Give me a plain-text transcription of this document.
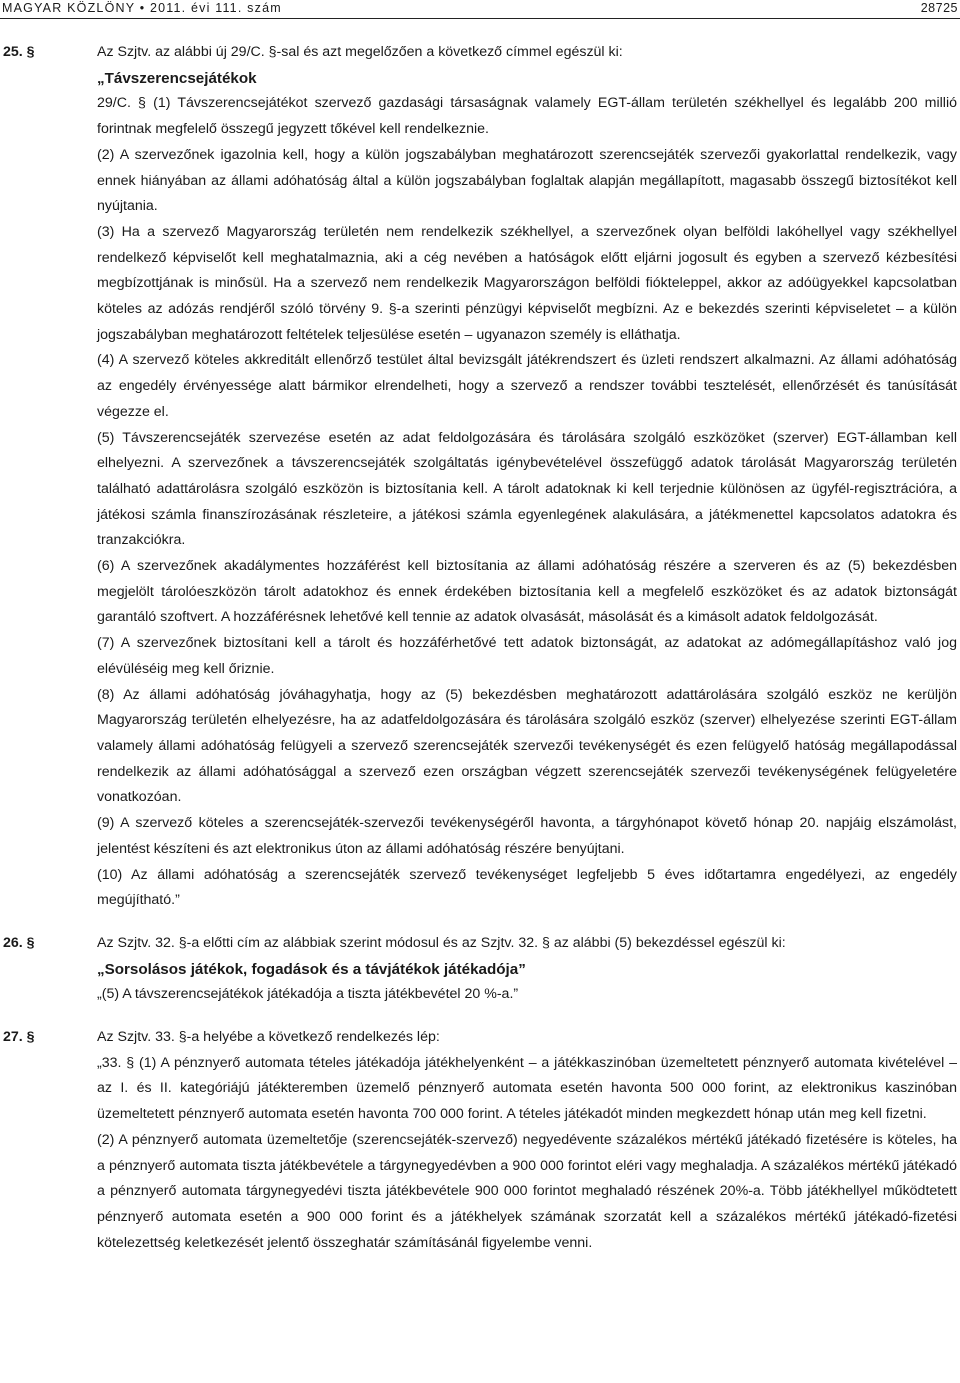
MAGYAR KÖZLÖNY • 2011. évi 111. szám	28725
25. §	Az Szjtv. az alábbi új 29/C. §-sal és azt megelőzően a következő címmel egészül ki:

„Távszerencsejátékok

29/C. § (1) Távszerencsejátékot szervező gazdasági társaságnak valamely EGT-állam területén székhellyel és legalább 200 millió forintnak megfelelő összegű jegyzett tőkével kell rendelkeznie.

(2) A szervezőnek igazolnia kell, hogy a külön jogszabályban meghatározott szerencsejáték szervezői gyakorlattal rendelkezik, vagy ennek hiányában az állami adóhatóság által a külön jogszabályban foglaltak alapján megállapított, magasabb összegű biztosítékot kell nyújtania.

(3) Ha a szervező Magyarország területén nem rendelkezik székhellyel, a szervezőnek olyan belföldi lakóhellyel vagy székhellyel rendelkező képviselőt kell meghatalmaznia, aki a cég nevében a hatóságok előtt eljárni jogosult és egyben a szervező kézbesítési megbízottjának is minősül. Ha a szervező nem rendelkezik Magyarországon belföldi fiókteleppel, akkor az adóügyekkel kapcsolatban köteles az adózás rendjéről szóló törvény 9. §-a szerinti pénzügyi képviselőt megbízni. Az e bekezdés szerinti képviseletet – a külön jogszabályban meghatározott feltételek teljesülése esetén – ugyanazon személy is elláthatja.

(4) A szervező köteles akkreditált ellenőrző testület által bevizsgált játékrendszert és üzleti rendszert alkalmazni. Az állami adóhatóság az engedély érvényessége alatt bármikor elrendelheti, hogy a szervező a rendszer további tesztelését, ellenőrzését és tanúsítását végezze el.

(5) Távszerencsejáték szervezése esetén az adat feldolgozására és tárolására szolgáló eszközöket (szerver) EGT-államban kell elhelyezni. A szervezőnek a távszerencsejáték szolgáltatás igénybevételével összefüggő adatok tárolását Magyarország területén található adattárolásra szolgáló eszközön is biztosítania kell. A tárolt adatoknak ki kell terjednie különösen az ügyfél-regisztrációra, a játékosi számla finanszírozásának részleteire, a játékosi számla egyenlegének alakulására, a játékmenettel kapcsolatos adatokra és tranzakciókra.

(6) A szervezőnek akadálymentes hozzáférést kell biztosítania az állami adóhatóság részére a szerveren és az (5) bekezdésben megjelölt tárolóeszközön tárolt adatokhoz és ennek érdekében biztosítania kell a megfelelő eszközöket és az adatok biztonságát garantáló szoftvert. A hozzáférésnek lehetővé kell tennie az adatok olvasását, másolását és a kimásolt adatok feldolgozását.

(7) A szervezőnek biztosítani kell a tárolt és hozzáférhetővé tett adatok biztonságát, az adatokat az adómegállapításhoz való jog elévüléséig meg kell őriznie.

(8) Az állami adóhatóság jóváhagyhatja, hogy az (5) bekezdésben meghatározott adattárolására szolgáló eszköz ne kerüljön Magyarország területén elhelyezésre, ha az adatfeldolgozására és tárolására szolgáló eszköz (szerver) elhelyezése szerinti EGT-állam valamely állami adóhatóság felügyeli a szervező szerencsejáték szervezői tevékenységét és ezen felügyelő hatóság megállapodással rendelkezik az állami adóhatósággal a szervező ezen országban végzett szerencsejáték szervezői tevékenységének felügyeletére vonatkozóan.

(9) A szervező köteles a szerencsejáték-szervezői tevékenységéről havonta, a tárgyhónapot követő hónap 20. napjáig elszámolást, jelentést készíteni és azt elektronikus úton az állami adóhatóság részére benyújtani.

(10) Az állami adóhatóság a szerencsejáték szervező tevékenységet legfeljebb 5 éves időtartamra engedélyezi, az engedély megújítható.”

26. §	Az Szjtv. 32. §-a előtti cím az alábbiak szerint módosul és az Szjtv. 32. § az alábbi (5) bekezdéssel egészül ki:

„Sorsolásos játékok, fogadások és a távjátékok játékadója”

„(5) A távszerencsejátékok játékadója a tiszta játékbevétel 20 %-a.”

27. §	Az Szjtv. 33. §-a helyébe a következő rendelkezés lép:

„33. § (1) A pénznyerő automata tételes játékadója játékhelyenként – a játékkaszinóban üzemeltetett pénznyerő automata kivételével – az I. és II. kategóriájú játékteremben üzemelő pénznyerő automata esetén havonta 500 000 forint, az elektronikus kaszinóban üzemeltetett pénznyerő automata esetén havonta 700 000 forint. A tételes játékadót minden megkezdett hónap után meg kell fizetni.

(2) A pénznyerő automata üzemeltetője (szerencsejáték-szervező) negyedévente százalékos mértékű játékadó fizetésére is köteles, ha a pénznyerő automata tiszta játékbevétele a tárgynegyedévben a 900 000 forintot eléri vagy meghaladja. A százalékos mértékű játékadó a pénznyerő automata tárgynegyedévi tiszta játékbevétele 900 000 forintot meghaladó részének 20%-a. Több játékhellyel működtetett pénznyerő automata esetén a 900 000 forint és a játékhelyek számának szorzatát kell a százalékos mértékű játékadó-fizetési kötelezettség keletkezését jelentő összeghatár számításánál figyelembe venni.
